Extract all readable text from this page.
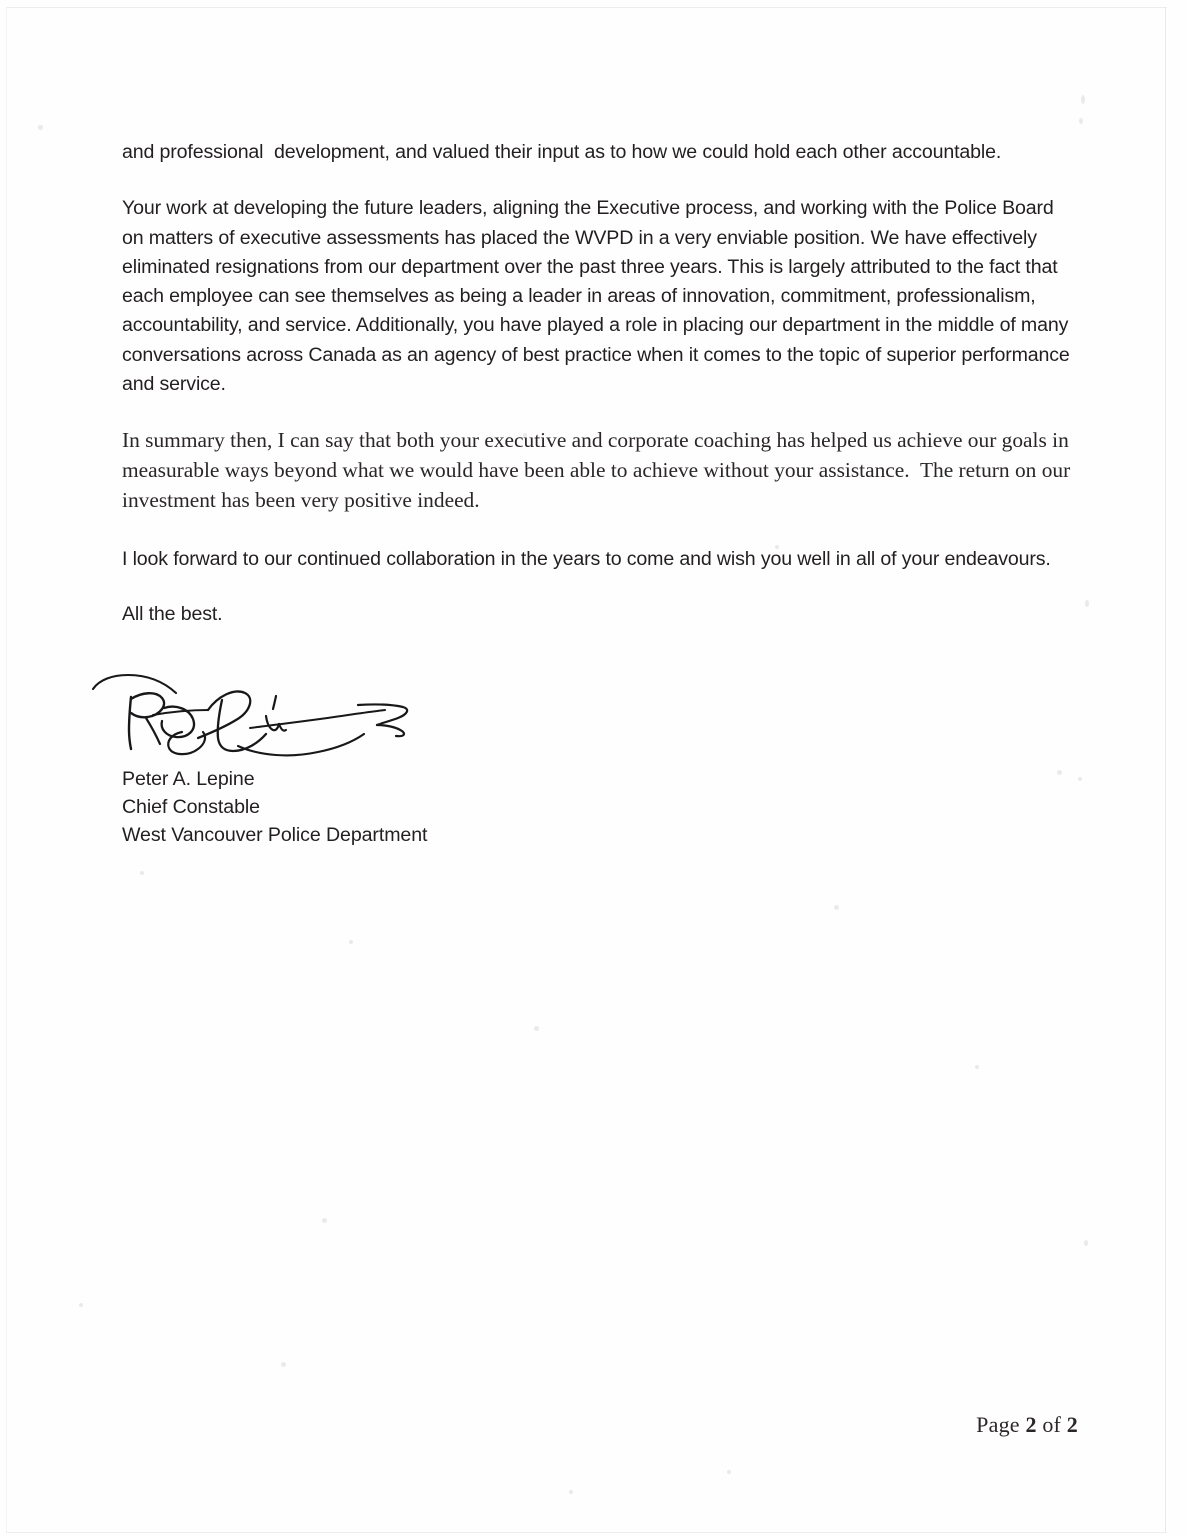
and professional  development, and valued their input as to how we could hold each other accountable.

Your work at developing the future leaders, aligning the Executive process, and working with the Police Board on matters of executive assessments has placed the WVPD in a very enviable position. We have effectively eliminated resignations from our department over the past three years. This is largely attributed to the fact that each employee can see themselves as being a leader in areas of innovation, commitment, professionalism, accountability, and service. Additionally, you have played a role in placing our department in the middle of many conversations across Canada as an agency of best practice when it comes to the topic of superior performance and service.

In summary then, I can say that both your executive and corporate coaching has helped us achieve our goals in measurable ways beyond what we would have been able to achieve without your assistance.  The return on our investment has been very positive indeed.

I look forward to our continued collaboration in the years to come and wish you well in all of your endeavours.

All the best.

Peter A. Lepine
Chief Constable
West Vancouver Police Department
Page 2 of 2
